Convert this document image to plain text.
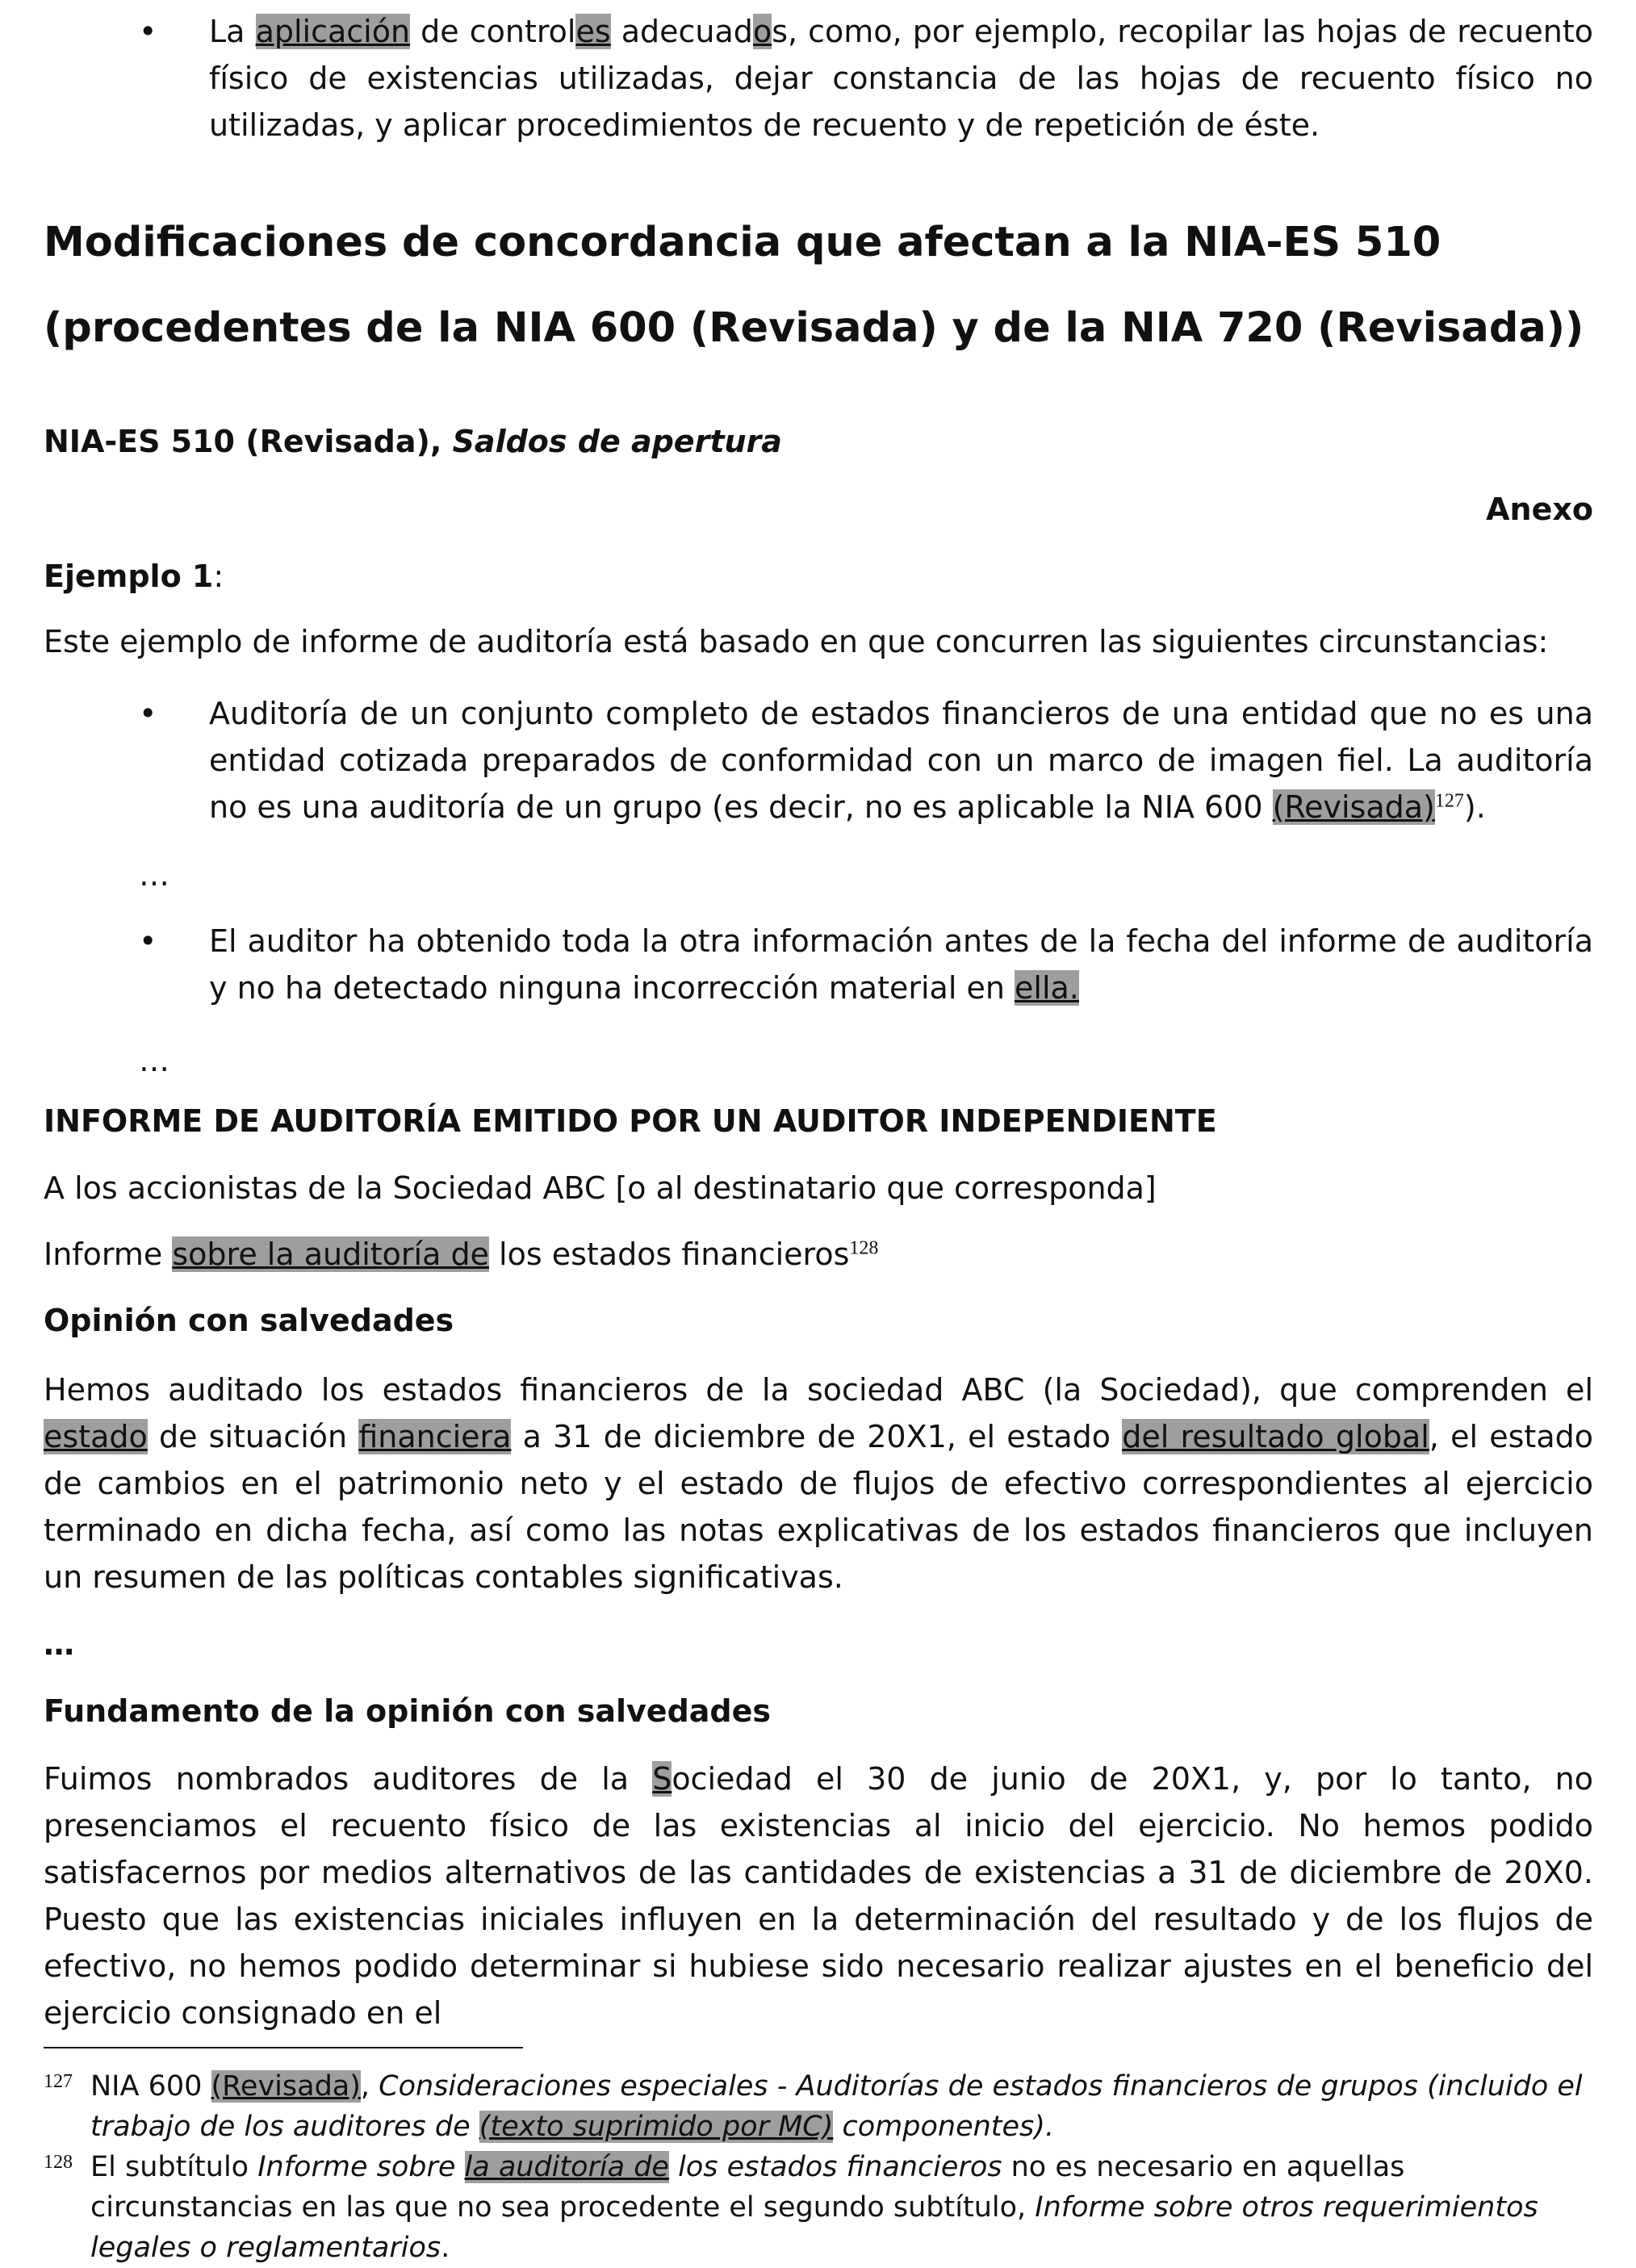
• La aplicación de controles adecuados, como, por ejemplo, recopilar las hojas de recuento físico de existencias utilizadas, dejar constancia de las hojas de recuento físico no utilizadas, y aplicar procedimientos de recuento y de repetición de éste.
Modificaciones de concordancia que afectan a la NIA-ES 510 (procedentes de la NIA 600 (Revisada) y de la NIA 720 (Revisada))
NIA-ES 510 (Revisada), Saldos de apertura
Anexo
Ejemplo 1:
Este ejemplo de informe de auditoría está basado en que concurren las siguientes circunstancias:
• Auditoría de un conjunto completo de estados financieros de una entidad que no es una entidad cotizada preparados de conformidad con un marco de imagen fiel. La auditoría no es una auditoría de un grupo (es decir, no es aplicable la NIA 600 (Revisada)$^{127}$).
…
• El auditor ha obtenido toda la otra información antes de la fecha del informe de auditoría y no ha detectado ninguna incorrección material en ella.
…
INFORME DE AUDITORÍA EMITIDO POR UN AUDITOR INDEPENDIENTE
A los accionistas de la Sociedad ABC [o al destinatario que corresponda]
Informe sobre la auditoría de los estados financieros$^{128}$
Opinión con salvedades
Hemos auditado los estados financieros de la sociedad ABC (la Sociedad), que comprenden el estado de situación financiera a 31 de diciembre de 20X1, el estado del resultado global, el estado de cambios en el patrimonio neto y el estado de flujos de efectivo correspondientes al ejercicio terminado en dicha fecha, así como las notas explicativas de los estados financieros que incluyen un resumen de las políticas contables significativas.
…
Fundamento de la opinión con salvedades
Fuimos nombrados auditores de la Sociedad el 30 de junio de 20X1, y, por lo tanto, no presenciamos el recuento físico de las existencias al inicio del ejercicio. No hemos podido satisfacernos por medios alternativos de las cantidades de existencias a 31 de diciembre de 20X0. Puesto que las existencias iniciales influyen en la determinación del resultado y de los flujos de efectivo, no hemos podido determinar si hubiese sido necesario realizar ajustes en el beneficio del ejercicio consignado en el
127 NIA 600 (Revisada), Consideraciones especiales - Auditorías de estados financieros de grupos (incluido el trabajo de los auditores de (texto suprimido por MC) componentes).
128 El subtítulo Informe sobre la auditoría de los estados financieros no es necesario en aquellas circunstancias en las que no sea procedente el segundo subtítulo, Informe sobre otros requerimientos legales o reglamentarios.
